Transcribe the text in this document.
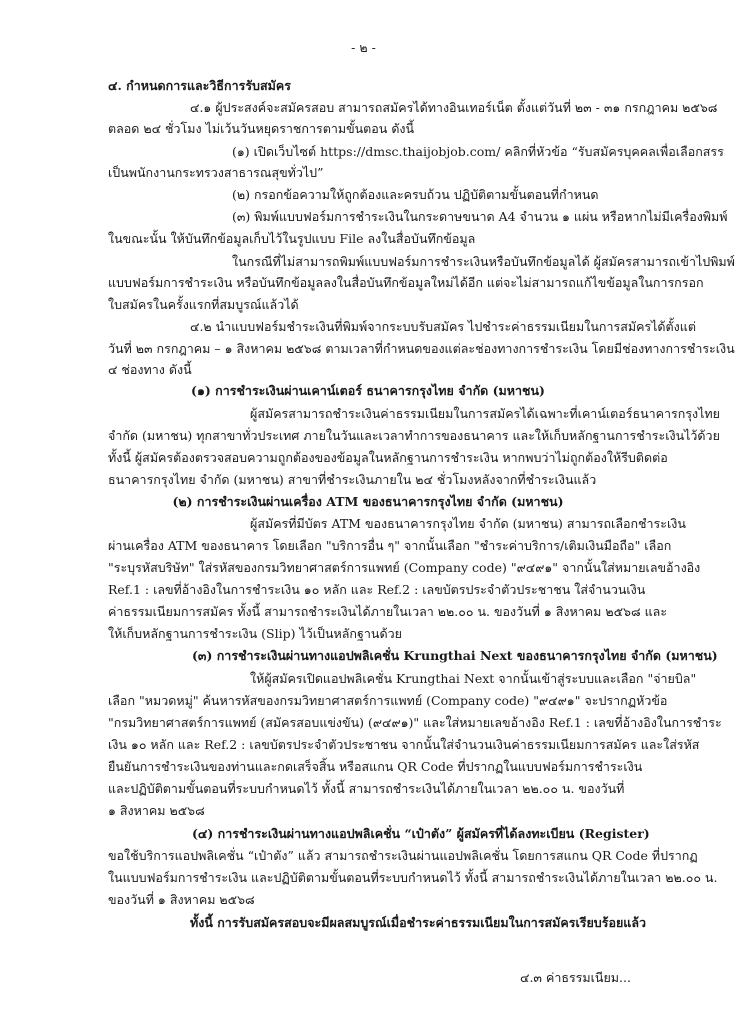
- ๒ -
๔. กำหนดการและวิธีการรับสมัคร
๔.๑ ผู้ประสงค์จะสมัครสอบ สามารถสมัครได้ทางอินเทอร์เน็ต ตั้งแต่วันที่ ๒๓ - ๓๑ กรกฎาคม ๒๕๖๘
ตลอด ๒๔ ชั่วโมง ไม่เว้นวันหยุดราชการตามขั้นตอน ดังนี้
(๑) เปิดเว็บไซต์ https://dmsc.thaijobjob.com/ คลิกที่หัวข้อ “รับสมัครบุคคลเพื่อเลือกสรร
เป็นพนักงานกระทรวงสาธารณสุขทั่วไป”
(๒) กรอกข้อความให้ถูกต้องและครบถ้วน ปฏิบัติตามขั้นตอนที่กำหนด
(๓) พิมพ์แบบฟอร์มการชำระเงินในกระดาษขนาด A4 จำนวน ๑ แผ่น หรือหากไม่มีเครื่องพิมพ์
ในขณะนั้น ให้บันทึกข้อมูลเก็บไว้ในรูปแบบ File ลงในสื่อบันทึกข้อมูล
ในกรณีที่ไม่สามารถพิมพ์แบบฟอร์มการชำระเงินหรือบันทึกข้อมูลได้ ผู้สมัครสามารถเข้าไปพิมพ์
แบบฟอร์มการชำระเงิน หรือบันทึกข้อมูลลงในสื่อบันทึกข้อมูลใหม่ได้อีก แต่จะไม่สามารถแก้ไขข้อมูลในการกรอก
ใบสมัครในครั้งแรกที่สมบูรณ์แล้วได้
๔.๒ นำแบบฟอร์มชำระเงินที่พิมพ์จากระบบรับสมัคร ไปชำระค่าธรรมเนียมในการสมัครได้ตั้งแต่
วันที่ ๒๓ กรกฎาคม – ๑ สิงหาคม ๒๕๖๘ ตามเวลาที่กำหนดของแต่ละช่องทางการชำระเงิน โดยมีช่องทางการชำระเงิน
๔ ช่องทาง ดังนี้
(๑) การชำระเงินผ่านเคาน์เตอร์ ธนาคารกรุงไทย จำกัด (มหาชน)
ผู้สมัครสามารถชำระเงินค่าธรรมเนียมในการสมัครได้เฉพาะที่เคาน์เตอร์ธนาคารกรุงไทย
จำกัด (มหาชน) ทุกสาขาทั่วประเทศ ภายในวันและเวลาทำการของธนาคาร และให้เก็บหลักฐานการชำระเงินไว้ด้วย
ทั้งนี้ ผู้สมัครต้องตรวจสอบความถูกต้องของข้อมูลในหลักฐานการชำระเงิน หากพบว่าไม่ถูกต้องให้รีบติดต่อ
ธนาคารกรุงไทย จำกัด (มหาชน) สาขาที่ชำระเงินภายใน ๒๔ ชั่วโมงหลังจากที่ชำระเงินแล้ว
(๒) การชำระเงินผ่านเครื่อง ATM ของธนาคารกรุงไทย จำกัด (มหาชน)
ผู้สมัครที่มีบัตร ATM ของธนาคารกรุงไทย จำกัด (มหาชน) สามารถเลือกชำระเงิน
ผ่านเครื่อง ATM ของธนาคาร โดยเลือก "บริการอื่น ๆ" จากนั้นเลือก "ชำระค่าบริการ/เติมเงินมือถือ" เลือก
"ระบุรหัสบริษัท" ใส่รหัสของกรมวิทยาศาสตร์การแพทย์ (Company code) "๙๔๙๑" จากนั้นใส่หมายเลขอ้างอิง
Ref.1 : เลขที่อ้างอิงในการชำระเงิน ๑๐ หลัก และ Ref.2 : เลขบัตรประจำตัวประชาชน ใส่จำนวนเงิน
ค่าธรรมเนียมการสมัคร ทั้งนี้ สามารถชำระเงินได้ภายในเวลา ๒๒.๐๐ น. ของวันที่ ๑ สิงหาคม ๒๕๖๘ และ
ให้เก็บหลักฐานการชำระเงิน (Slip) ไว้เป็นหลักฐานด้วย
(๓) การชำระเงินผ่านทางแอปพลิเคชั่น Krungthai Next ของธนาคารกรุงไทย จำกัด (มหาชน)
ให้ผู้สมัครเปิดแอปพลิเคชั่น Krungthai Next จากนั้นเข้าสู่ระบบและเลือก "จ่ายบิล"
เลือก "หมวดหมู่" ค้นหารหัสของกรมวิทยาศาสตร์การแพทย์ (Company code) "๙๔๙๑" จะปรากฏหัวข้อ
"กรมวิทยาศาสตร์การแพทย์ (สมัครสอบแข่งขัน) (๙๔๙๑)" และใส่หมายเลขอ้างอิง Ref.1 : เลขที่อ้างอิงในการชำระ
เงิน ๑๐ หลัก และ Ref.2 : เลขบัตรประจำตัวประชาชน จากนั้นใส่จำนวนเงินค่าธรรมเนียมการสมัคร และใส่รหัส
ยืนยันการชำระเงินของท่านและกดเสร็จสิ้น หรือสแกน QR Code ที่ปรากฏในแบบฟอร์มการชำระเงิน
และปฏิบัติตามขั้นตอนที่ระบบกำหนดไว้ ทั้งนี้ สามารถชำระเงินได้ภายในเวลา ๒๒.๐๐ น. ของวันที่
๑ สิงหาคม ๒๕๖๘
(๔) การชำระเงินผ่านทางแอปพลิเคชั่น “เป๋าตัง” ผู้สมัครที่ได้ลงทะเบียน (Register)
ขอใช้บริการแอปพลิเคชั่น “เป๋าตัง” แล้ว สามารถชำระเงินผ่านแอปพลิเคชั่น โดยการสแกน QR Code ที่ปรากฏ
ในแบบฟอร์มการชำระเงิน และปฏิบัติตามขั้นตอนที่ระบบกำหนดไว้ ทั้งนี้ สามารถชำระเงินได้ภายในเวลา ๒๒.๐๐ น.
ของวันที่ ๑ สิงหาคม ๒๕๖๘
ทั้งนี้ การรับสมัครสอบจะมีผลสมบูรณ์เมื่อชำระค่าธรรมเนียมในการสมัครเรียบร้อยแล้ว
๔.๓ ค่าธรรมเนียม...
